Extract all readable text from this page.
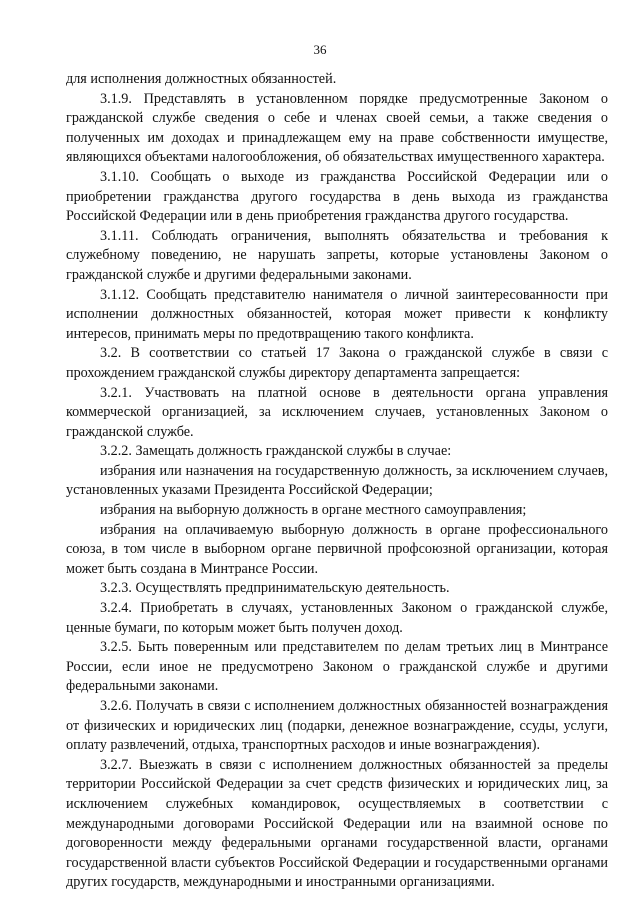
36

для исполнения должностных обязанностей.

3.1.9. Представлять в установленном порядке предусмотренные Законом о гражданской службе сведения о себе и членах своей семьи, а также сведения о полученных им доходах и принадлежащем ему на праве собственности имуществе, являющихся объектами налогообложения, об обязательствах имущественного характера.

3.1.10. Сообщать о выходе из гражданства Российской Федерации или о приобретении гражданства другого государства в день выхода из гражданства Российской Федерации или в день приобретения гражданства другого государства.

3.1.11. Соблюдать ограничения, выполнять обязательства и требования к служебному поведению, не нарушать запреты, которые установлены Законом о гражданской службе и другими федеральными законами.

3.1.12. Сообщать представителю нанимателя о личной заинтересованности при исполнении должностных обязанностей, которая может привести к конфликту интересов, принимать меры по предотвращению такого конфликта.

3.2. В соответствии со статьей 17 Закона о гражданской службе в связи с прохождением гражданской службы директору департамента запрещается:

3.2.1. Участвовать на платной основе в деятельности органа управления коммерческой организацией, за исключением случаев, установленных Законом о гражданской службе.

3.2.2. Замещать должность гражданской службы в случае:

избрания или назначения на государственную должность, за исключением случаев, установленных указами Президента Российской Федерации;

избрания на выборную должность в органе местного самоуправления;

избрания на оплачиваемую выборную должность в органе профессионального союза, в том числе в выборном органе первичной профсоюзной организации, которая может быть создана в Минтрансе России.

3.2.3. Осуществлять предпринимательскую деятельность.

3.2.4. Приобретать в случаях, установленных Законом о гражданской службе, ценные бумаги, по которым может быть получен доход.

3.2.5. Быть поверенным или представителем по делам третьих лиц в Минтрансе России, если иное не предусмотрено Законом о гражданской службе и другими федеральными законами.

3.2.6. Получать в связи с исполнением должностных обязанностей вознаграждения от физических и юридических лиц (подарки, денежное вознаграждение, ссуды, услуги, оплату развлечений, отдыха, транспортных расходов и иные вознаграждения).

3.2.7. Выезжать в связи с исполнением должностных обязанностей за пределы территории Российской Федерации за счет средств физических и юридических лиц, за исключением служебных командировок, осуществляемых в соответствии с международными договорами Российской Федерации или на взаимной основе по договоренности между федеральными органами государственной власти, органами государственной власти субъектов Российской Федерации и государственными органами других государств, международными и иностранными организациями.
